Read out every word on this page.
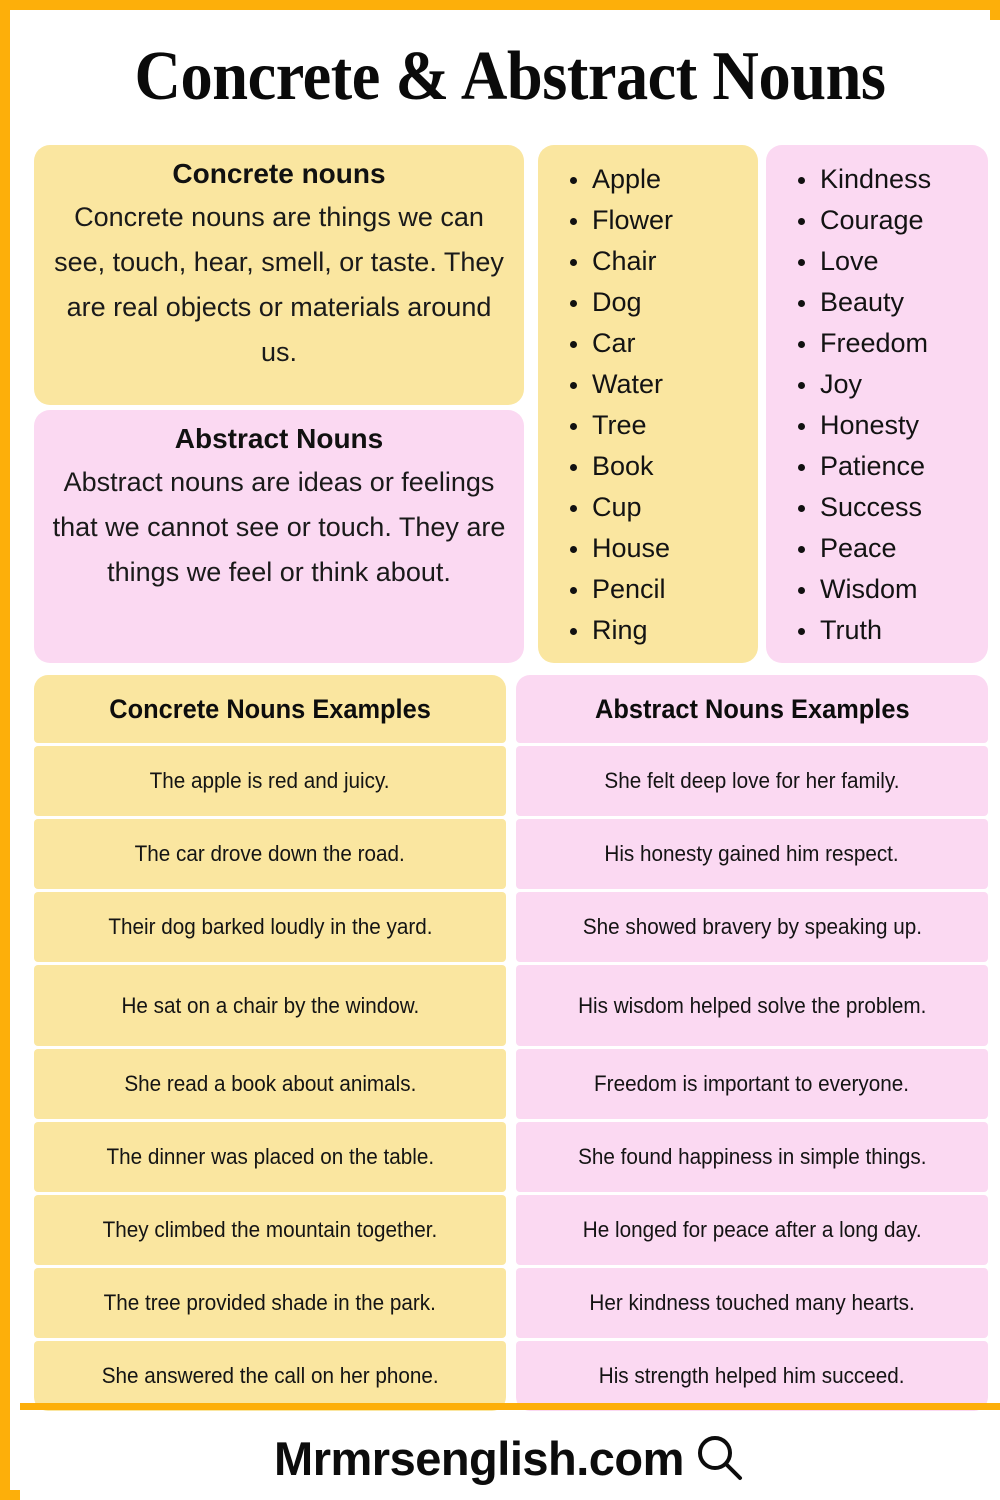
Concrete & Abstract Nouns
Concrete nouns
Concrete nouns are things we can see, touch, hear, smell, or taste. They are real objects or materials around us.
Abstract Nouns
Abstract nouns are ideas or feelings that we cannot see or touch. They are things we feel or think about.
Apple
Flower
Chair
Dog
Car
Water
Tree
Book
Cup
House
Pencil
Ring
Kindness
Courage
Love
Beauty
Freedom
Joy
Honesty
Patience
Success
Peace
Wisdom
Truth
Concrete Nouns Examples
The apple is red and juicy.
The car drove down the road.
Their dog barked loudly in the yard.
He sat on a chair by the window.
She read a book about animals.
The dinner was placed on the table.
They climbed the mountain together.
The tree provided shade in the park.
She answered the call on her phone.
Abstract Nouns Examples
She felt deep love for her family.
His honesty gained him respect.
She showed bravery by speaking up.
His wisdom helped solve the problem.
Freedom is important to everyone.
She found happiness in simple things.
He longed for peace after a long day.
Her kindness touched many hearts.
His strength helped him succeed.
Mrmrsenglish.com
